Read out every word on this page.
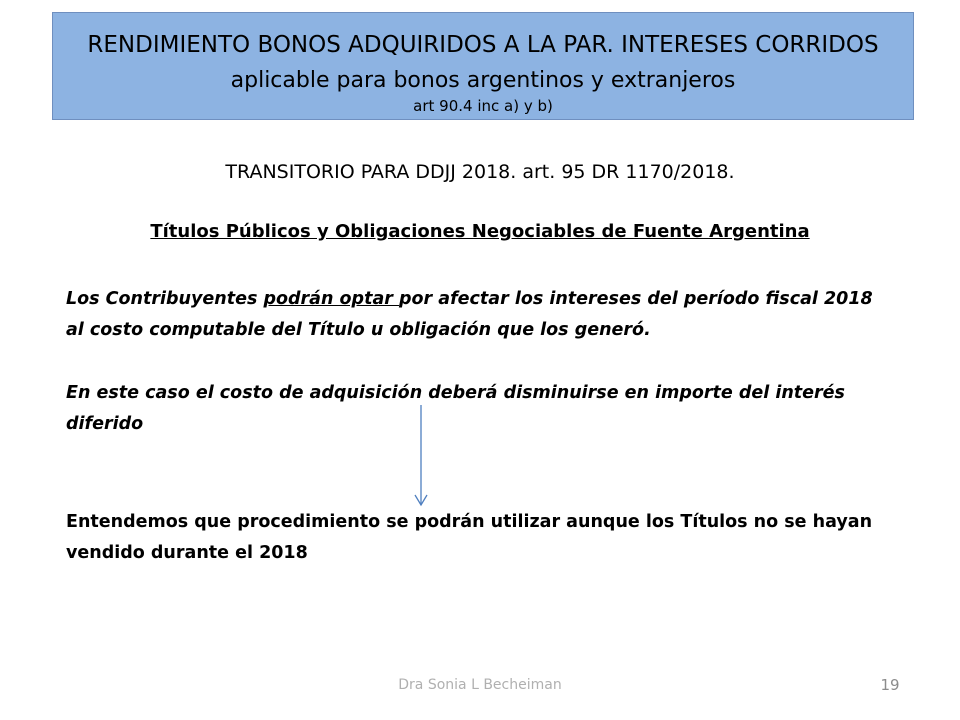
RENDIMIENTO BONOS ADQUIRIDOS A LA PAR. INTERESES CORRIDOS
aplicable para bonos argentinos y extranjeros
art 90.4 inc a) y b)
TRANSITORIO PARA DDJJ 2018. art. 95 DR 1170/2018.
Títulos Públicos y Obligaciones Negociables de Fuente Argentina
Los Contribuyentes podrán optar por afectar los intereses del período fiscal 2018 al costo computable del Título u obligación que los generó.
En este caso el costo de adquisición deberá disminuirse en importe del interés diferido
Entendemos que procedimiento se podrán utilizar aunque los Títulos no se hayan vendido durante el 2018
Dra Sonia L Becheiman	19
